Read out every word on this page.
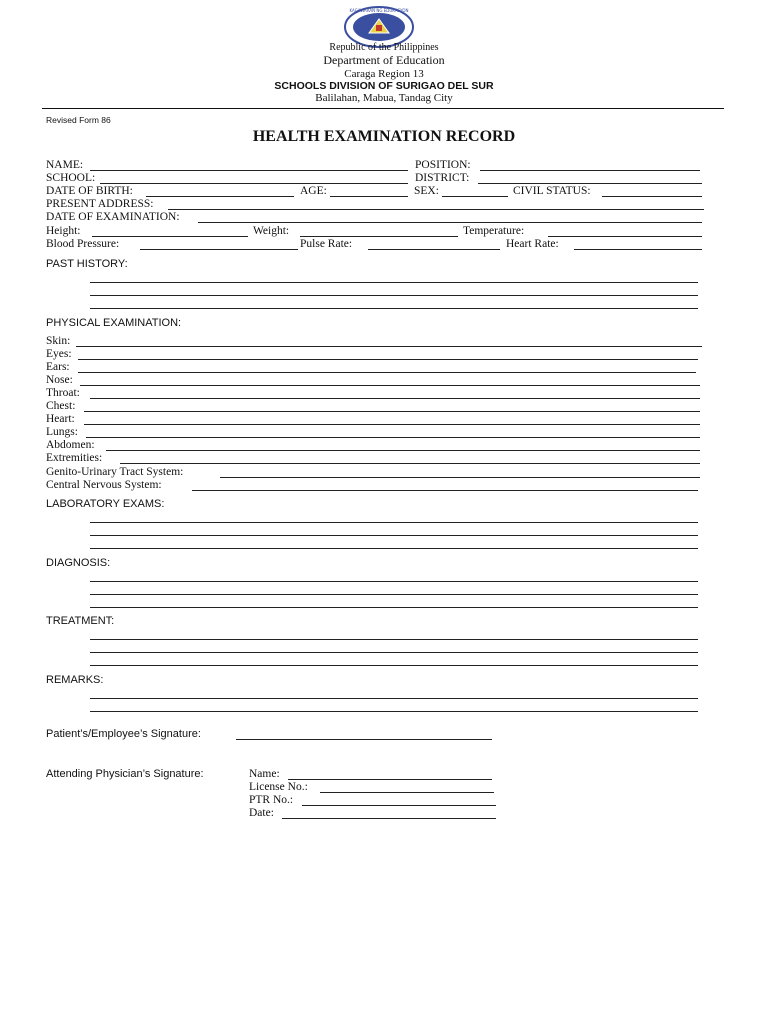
KAGAWARAN NG EDUKASYON
Republic of the Philippines
Department of Education
Caraga Region 13
SCHOOLS DIVISION OF SURIGAO DEL SUR
Balilahan, Mabua, Tandag City
Revised Form 86
HEALTH EXAMINATION RECORD
NAME:	POSITION:
SCHOOL:	DISTRICT:
DATE OF BIRTH:	AGE:	SEX:	CIVIL STATUS:
PRESENT ADDRESS:
DATE OF EXAMINATION:
Height:	Weight:	Temperature:
Blood Pressure:	Pulse Rate:	Heart Rate:
PAST HISTORY:
PHYSICAL EXAMINATION:
Skin:
Eyes:
Ears:
Nose:
Throat:
Chest:
Heart:
Lungs:
Abdomen:
Extremities:
Genito-Urinary Tract System:
Central Nervous System:
LABORATORY EXAMS:
DIAGNOSIS:
TREATMENT:
REMARKS:
Patient’s/Employee’s Signature:
Attending Physician’s Signature:	Name:
License No.:
PTR No.:
Date:
